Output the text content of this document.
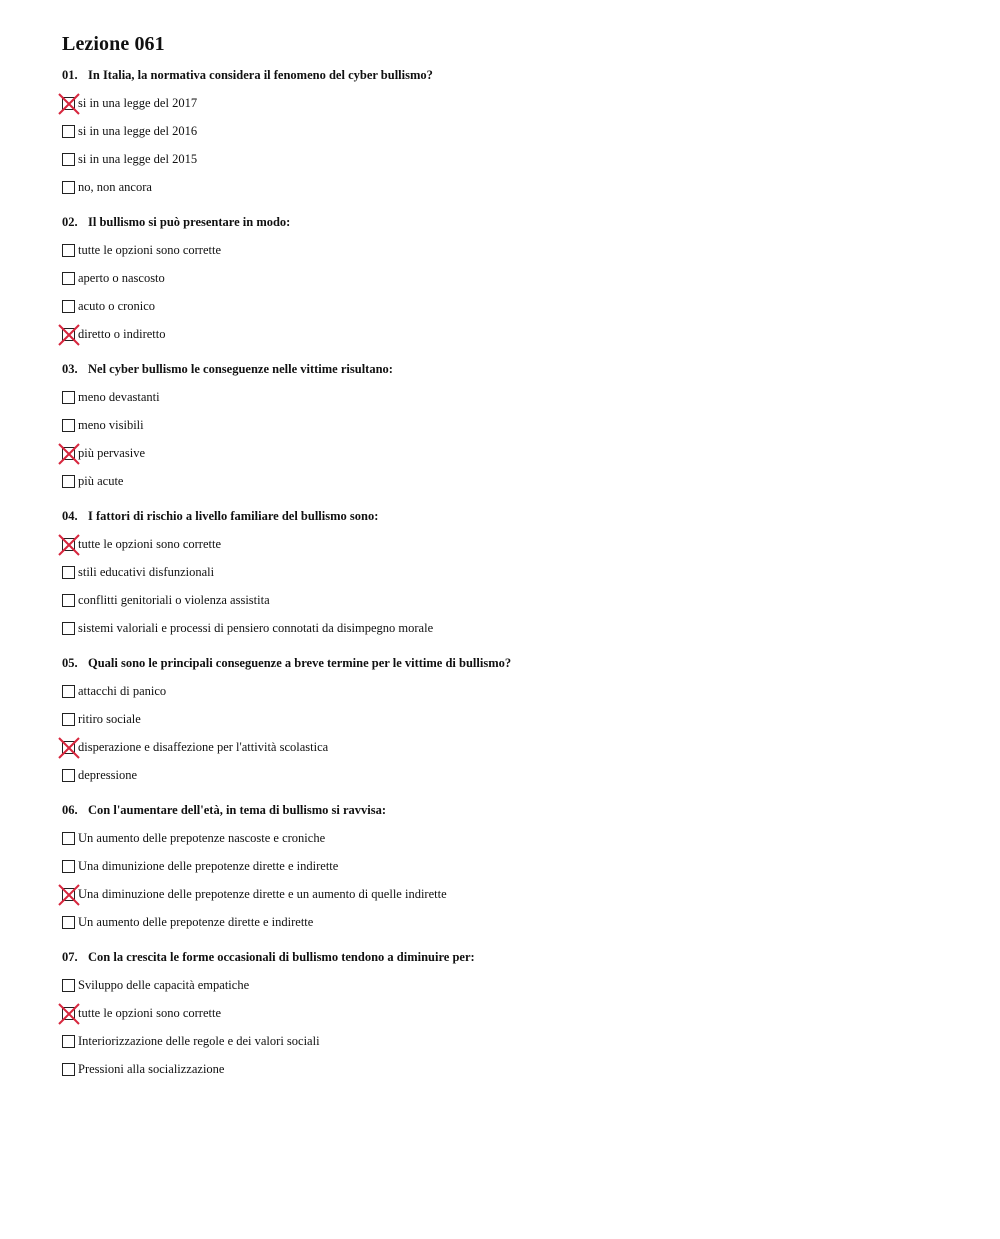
Lezione 061
01. In Italia, la normativa considera il fenomeno del cyber bullismo?
si in una legge del 2017
si in una legge del 2016
si in una legge del 2015
no, non ancora
02. Il bullismo si può presentare in modo:
tutte le opzioni sono corrette
aperto o nascosto
acuto o cronico
diretto o indiretto
03. Nel cyber bullismo le conseguenze nelle vittime risultano:
meno devastanti
meno visibili
più pervasive
più acute
04. I fattori di rischio a livello familiare del bullismo sono:
tutte le opzioni sono corrette
stili educativi disfunzionali
conflitti genitoriali o violenza assistita
sistemi valoriali e processi di pensiero connotati da disimpegno morale
05. Quali sono le principali conseguenze a breve termine per le vittime di bullismo?
attacchi di panico
ritiro sociale
disperazione e disaffezione per l'attività scolastica
depressione
06. Con l'aumentare dell'età, in tema di bullismo si ravvisa:
Un aumento delle prepotenze nascoste e croniche
Una dimunizione delle prepotenze dirette e indirette
Una diminuzione delle prepotenze dirette e un aumento di quelle indirette
Un aumento delle prepotenze dirette e indirette
07. Con la crescita le forme occasionali di bullismo tendono a diminuire per:
Sviluppo delle capacità empatiche
tutte le opzioni sono corrette
Interiorizzazione delle regole e dei valori sociali
Pressioni alla socializzazione
